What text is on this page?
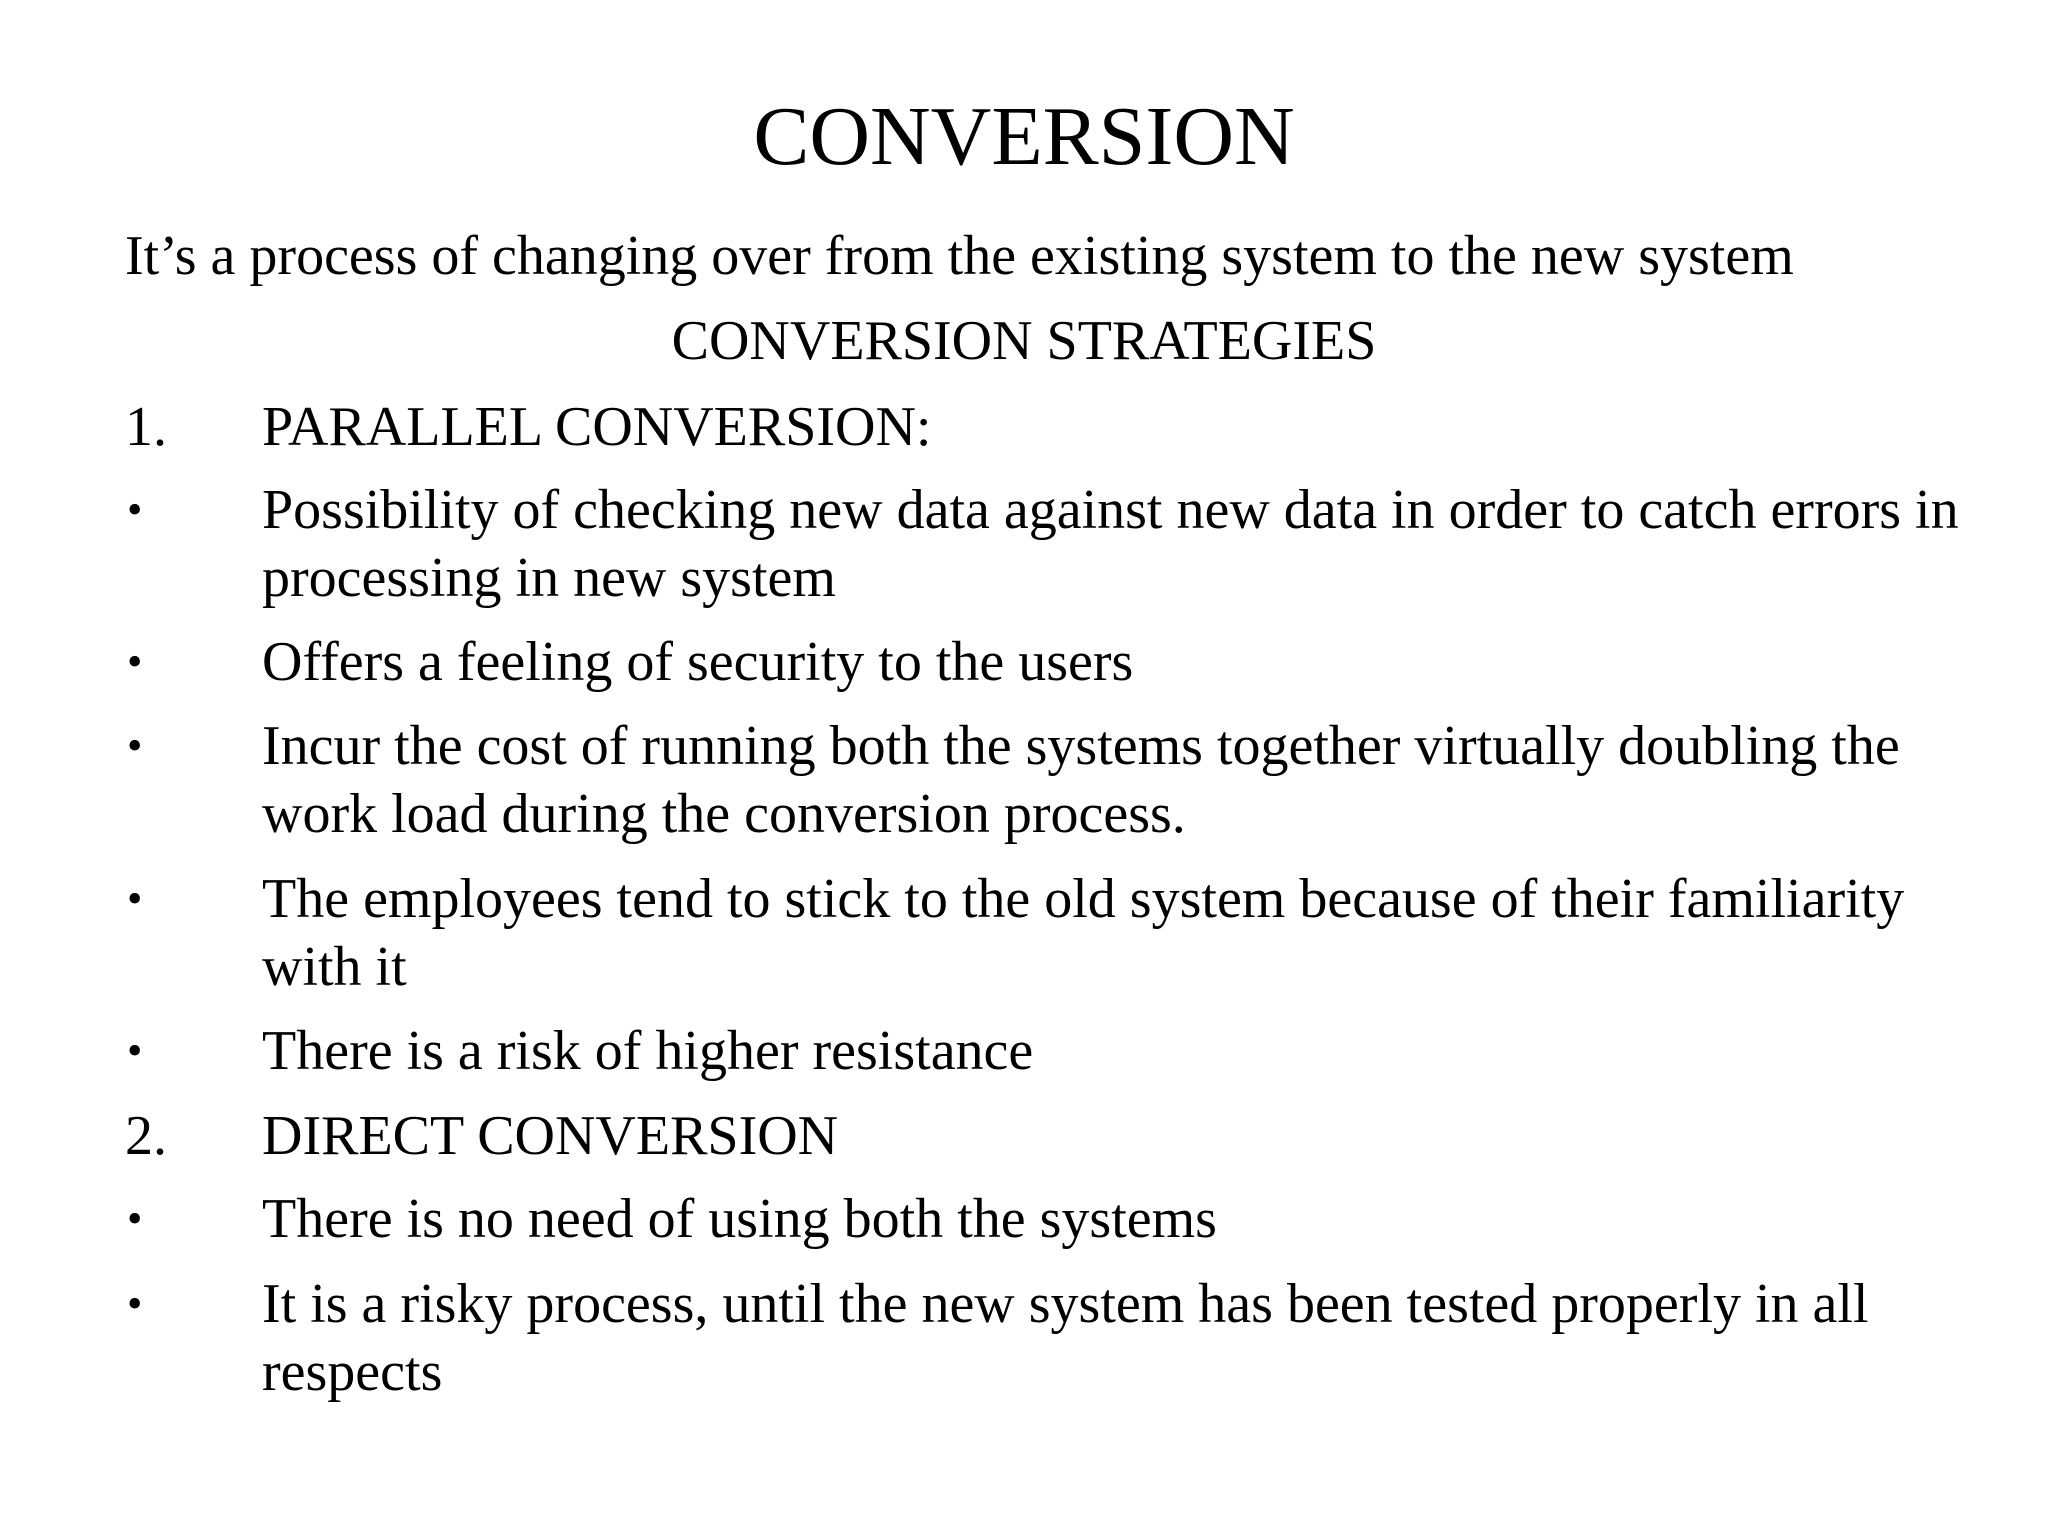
CONVERSION
It’s a process of changing over from the existing system to the new system
CONVERSION STRATEGIES
1. PARALLEL CONVERSION:
• Possibility of checking new data against new data in order to catch errors in processing in new system
• Offers a feeling of security to the users
• Incur the cost of running both the systems together virtually doubling the work load during the conversion process.
• The employees tend to stick to the old system because of their familiarity with it
• There is a risk of higher resistance
2. DIRECT CONVERSION
• There is no need of using both the systems
• It is a risky process, until the new system has been tested properly in all respects
